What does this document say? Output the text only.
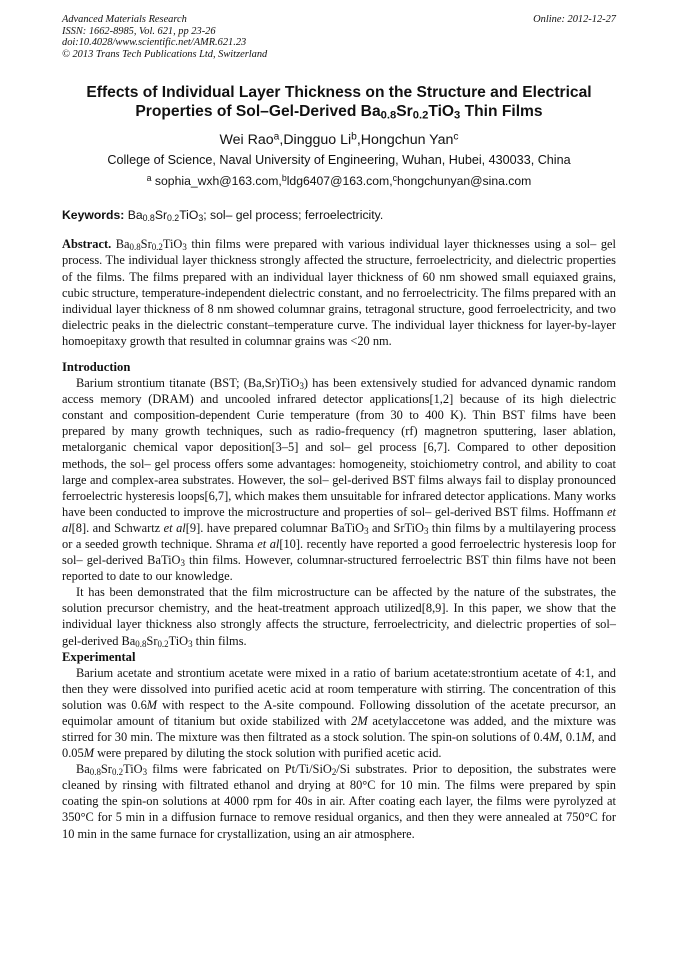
Advanced Materials Research	Online: 2012-12-27
ISSN: 1662-8985, Vol. 621, pp 23-26
doi:10.4028/www.scientific.net/AMR.621.23
© 2013 Trans Tech Publications Ltd, Switzerland
Effects of Individual Layer Thickness on the Structure and Electrical
Properties of Sol–Gel-Derived $Ba_{0.8}Sr_{0.2}TiO_3$ Thin Films
Wei Rao$^a$,Dingguo Li$^b$,Hongchun Yan$^c$
College of Science, Naval University of Engineering, Wuhan, Hubei, 430033, China
$^a$ sophia_wxh@163.com,$^b$ldg6407@163.com,$^c$hongchunyan@sina.com
Keywords: $Ba_{0.8}Sr_{0.2}TiO_3$; sol– gel process; ferroelectricity.
Abstract. $Ba_{0.8}Sr_{0.2}TiO_3$ thin films were prepared with various individual layer thicknesses using a sol– gel process. The individual layer thickness strongly affected the structure, ferroelectricity, and dielectric properties of the films. The films prepared with an individual layer thickness of 60 nm showed small equiaxed grains, cubic structure, temperature-independent dielectric constant, and no ferroelectricity. The films prepared with an individual layer thickness of 8 nm showed columnar grains, tetragonal structure, good ferroelectricity, and two dielectric peaks in the dielectric constant–temperature curve. The individual layer thickness for layer-by-layer homoepitaxy growth that resulted in columnar grains was <20 nm.
Introduction

Barium strontium titanate (BST; (Ba,Sr)TiO$_3$) has been extensively studied for advanced dynamic random access memory (DRAM) and uncooled infrared detector applications[1,2] because of its high dielectric constant and composition-dependent Curie temperature (from 30 to 400 K). Thin BST films have been prepared by many growth techniques, such as radio-frequency (rf) magnetron sputtering, laser ablation, metalorganic chemical vapor deposition[3–5] and sol– gel process [6,7]. Compared to other deposition methods, the sol– gel process offers some advantages: homogeneity, stoichiometry control, and ability to coat large and complex-area substrates. However, the sol– gel-derived BST films always fail to display pronounced ferroelectric hysteresis loops[6,7], which makes them unsuitable for infrared detector applications. Many works have been conducted to improve the microstructure and properties of sol– gel-derived BST films. Hoffmann et al[8]. and Schwartz et al[9]. have prepared columnar BaTiO$_3$ and SrTiO$_3$ thin films by a multilayering process or a seeded growth technique. Shrama et al[10]. recently have reported a good ferroelectric hysteresis loop for sol– gel-derived BaTiO$_3$ thin films. However, columnar-structured ferroelectric BST thin films have not been reported to date to our knowledge.

It has been demonstrated that the film microstructure can be affected by the nature of the substrates, the solution precursor chemistry, and the heat-treatment approach utilized[8,9]. In this paper, we show that the individual layer thickness also strongly affects the structure, ferroelectricity, and dielectric properties of sol– gel-derived $Ba_{0.8}Sr_{0.2}TiO_3$ thin films.

Experimental

Barium acetate and strontium acetate were mixed in a ratio of barium acetate:strontium acetate of 4:1, and then they were dissolved into purified acetic acid at room temperature with stirring. The concentration of this solution was 0.6M with respect to the A-site compound. Following dissolution of the acetate precursor, an equimolar amount of titanium but oxide stabilized with 2M acetylaccetone was added, and the mixture was stirred for 30 min. The mixture was then filtrated as a stock solution. The spin-on solutions of 0.4M, 0.1M, and 0.05M were prepared by diluting the stock solution with purified acetic acid.

$Ba_{0.8}Sr_{0.2}TiO_3$ films were fabricated on Pt/Ti/SiO$_2$/Si substrates. Prior to deposition, the substrates were cleaned by rinsing with filtrated ethanol and drying at 80°C for 10 min. The films were prepared by spin coating the spin-on solutions at 4000 rpm for 40s in air. After coating each layer, the films were pyrolyzed at 350°C for 5 min in a diffusion furnace to remove residual organics, and then they were annealed at 750°C for 10 min in the same furnace for crystallization, using an air atmosphere.
